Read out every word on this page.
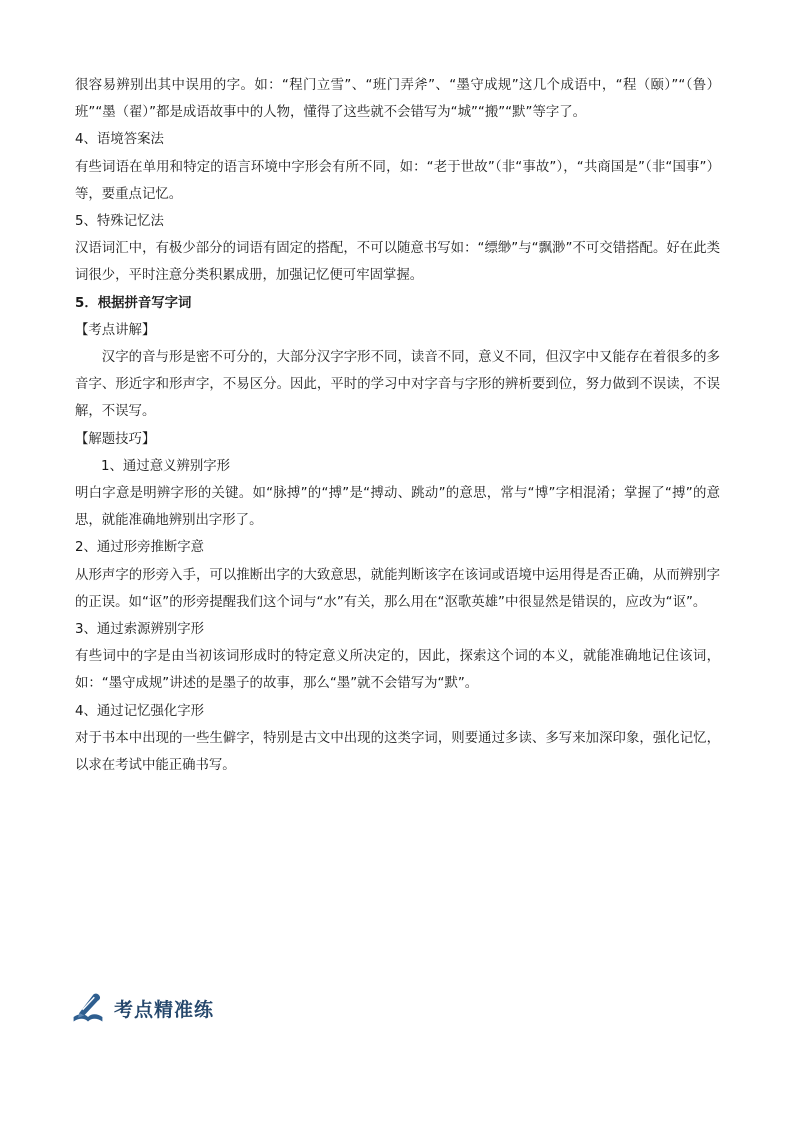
很容易辨别出其中误用的字。如：“程门立雪”、“班门弄斧”、“墨守成规”这几个成语中，“程（颐）”“（鲁）班”“墨（翟）”都是成语故事中的人物，懂得了这些就不会错写为“城”“搬”“默”等字了。

4、语境答案法

有些词语在单用和特定的语言环境中字形会有所不同，如：“老于世故”（非“事故”），“共商国是”（非“国事”）等，要重点记忆。

5、特殊记忆法

汉语词汇中，有极少部分的词语有固定的搭配，不可以随意书写如：“缥缈”与“飘渺”不可交错搭配。好在此类词很少，平时注意分类积累成册，加强记忆便可牢固掌握。

5．根据拼音写字词

【考点讲解】

汉字的音与形是密不可分的，大部分汉字字形不同，读音不同，意义不同，但汉字中又能存在着很多的多音字、形近字和形声字，不易区分。因此，平时的学习中对字音与字形的辨析要到位，努力做到不误读，不误解，不误写。

【解题技巧】

1、通过意义辨别字形

明白字意是明辨字形的关键。如“脉搏”的“搏”是“搏动、跳动”的意思，常与“博”字相混淆；掌握了“搏”的意思，就能准确地辨别出字形了。

2、通过形旁推断字意

从形声字的形旁入手，可以推断出字的大致意思，就能判断该字在该词或语境中运用得是否正确，从而辨别字的正误。如“讴”的形旁提醒我们这个词与“水”有关，那么用在“沤歌英雄”中很显然是错误的，应改为“讴”。

3、通过索源辨别字形

有些词中的字是由当初该词形成时的特定意义所决定的，因此，探索这个词的本义，就能准确地记住该词，如：“墨守成规”讲述的是墨子的故事，那么“墨”就不会错写为“默”。

4、通过记忆强化字形

对于书本中出现的一些生僻字，特别是古文中出现的这类字词，则要通过多读、多写来加深印象，强化记忆，以求在考试中能正确书写。

考点精准练
